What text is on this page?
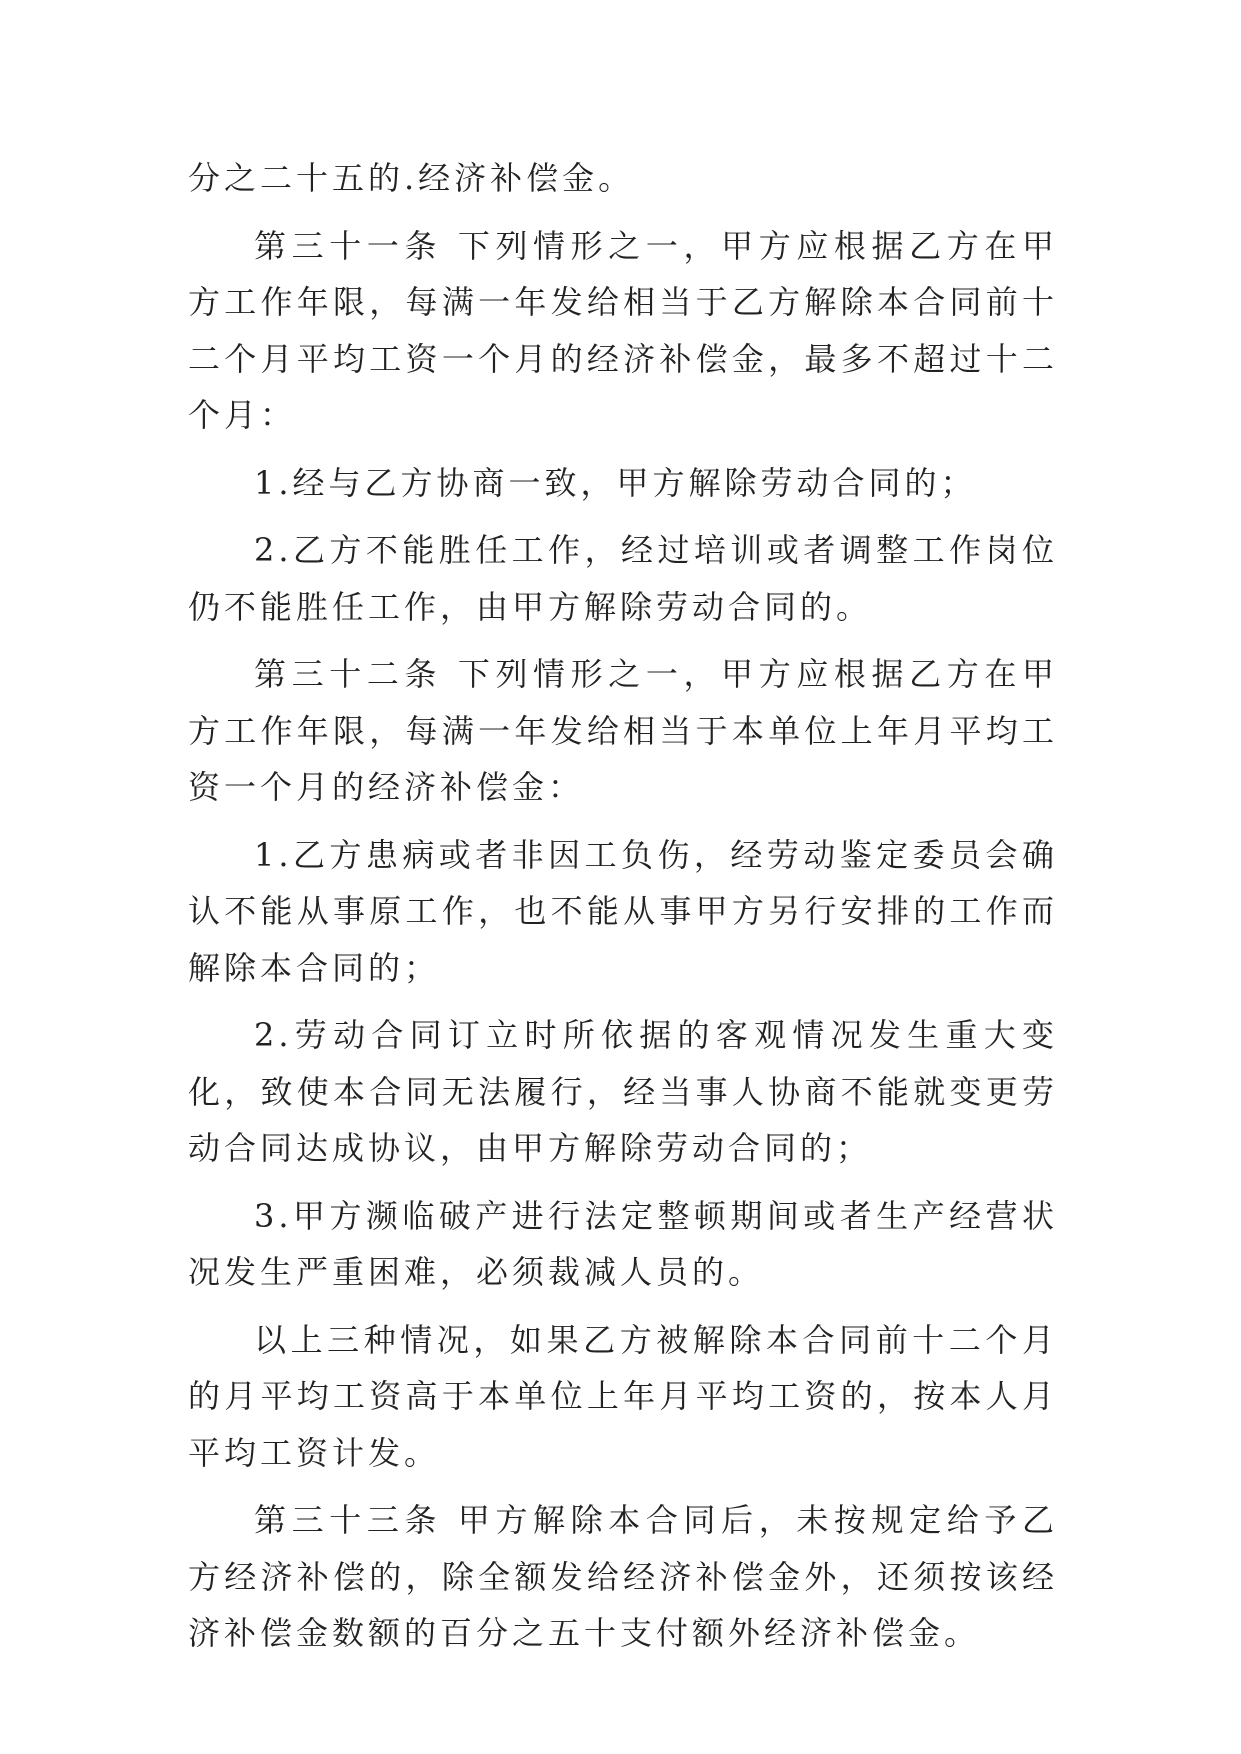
分之二十五的.经济补偿金。

第三十一条 下列情形之一，甲方应根据乙方在甲方工作年限，每满一年发给相当于乙方解除本合同前十二个月平均工资一个月的经济补偿金，最多不超过十二个月：

1.经与乙方协商一致，甲方解除劳动合同的；

2.乙方不能胜任工作，经过培训或者调整工作岗位仍不能胜任工作，由甲方解除劳动合同的。

第三十二条 下列情形之一，甲方应根据乙方在甲方工作年限，每满一年发给相当于本单位上年月平均工资一个月的经济补偿金：

1.乙方患病或者非因工负伤，经劳动鉴定委员会确认不能从事原工作，也不能从事甲方另行安排的工作而解除本合同的；

2.劳动合同订立时所依据的客观情况发生重大变化，致使本合同无法履行，经当事人协商不能就变更劳动合同达成协议，由甲方解除劳动合同的；

3.甲方濒临破产进行法定整顿期间或者生产经营状况发生严重困难，必须裁减人员的。

以上三种情况，如果乙方被解除本合同前十二个月的月平均工资高于本单位上年月平均工资的，按本人月平均工资计发。

第三十三条 甲方解除本合同后，未按规定给予乙方经济补偿的，除全额发给经济补偿金外，还须按该经济补偿金数额的百分之五十支付额外经济补偿金。
